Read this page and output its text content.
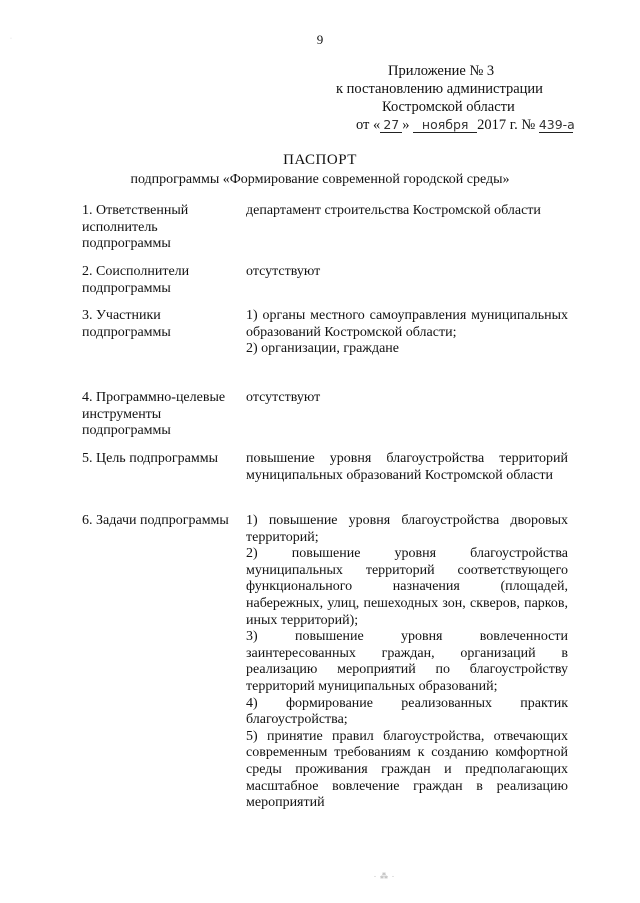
9
·
Приложение № 3
к постановлению администрации
Костромской области
от « 27 » ноября 2017 г. № 439-а
ПАСПОРТ
подпрограммы «Формирование современной городской среды»
1. Ответственный исполнитель подпрограммы

департамент строительства Костромской области

2. Соисполнители подпрограммы

отсутствуют

3. Участники подпрограммы

1) органы местного самоуправления муниципальных образований Костромской области;

2) организации, граждане

4. Программно-целевые инструменты подпрограммы

отсутствуют

5. Цель подпрограммы	повышение уровня благоустройства территорий муниципальных образований Костромской области

6. Задачи подпрограммы	1) повышение уровня благоустройства дворовых территорий;

2) повышение уровня благоустройства муниципальных территорий соответствующего функционального назначения (площадей, набережных, улиц, пешеходных зон, скверов, парков, иных территорий);

3) повышение уровня вовлеченности заинтересованных граждан, организаций в реализацию мероприятий по благоустройству территорий муниципальных образований;

4) формирование реализованных практик благоустройства;

5) принятие правил благоустройства, отвечающих современным требованиям к созданию комфортной среды проживания граждан и предполагающих масштабное вовлечение граждан в реализацию мероприятий

∙ ⁂ ∙
